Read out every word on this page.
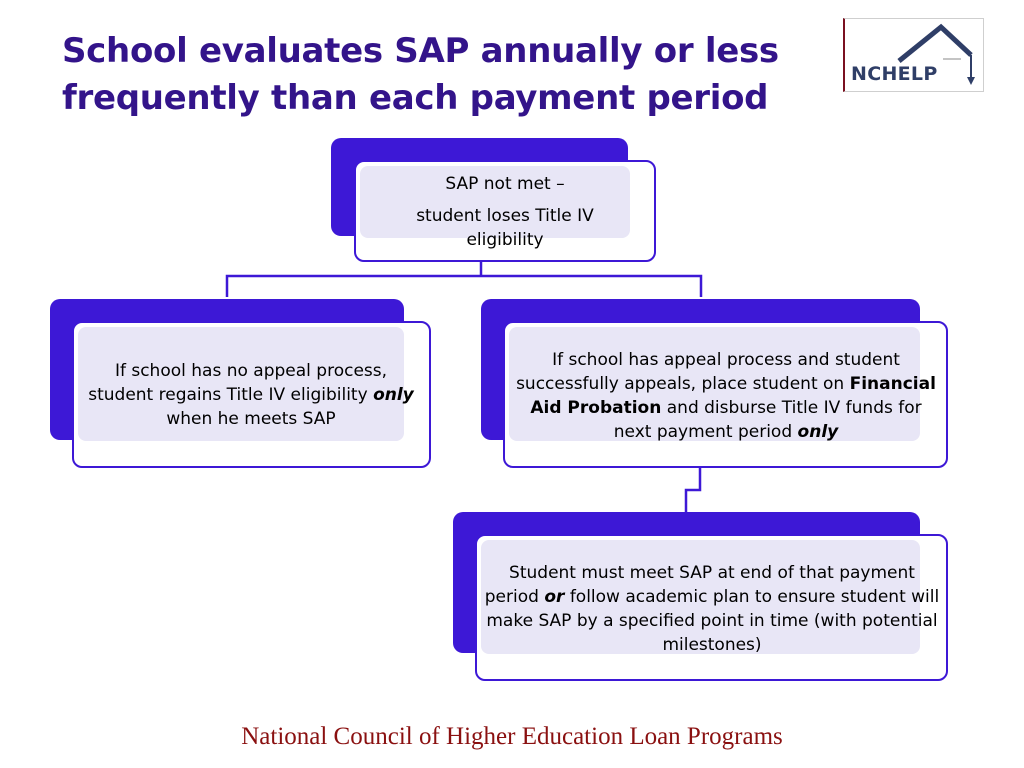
School evaluates SAP annually or less frequently than each payment period
NCHELP

SAP not met –

student loses Title IV eligibility

If school has no appeal process, student regains Title IV eligibility only when he meets SAP
If school has appeal process and student successfully appeals, place student on Financial Aid Probation and disburse Title IV funds for next payment period only
Student must meet SAP at end of that payment period or follow academic plan to ensure student will make SAP by a specified point in time (with potential milestones)
National Council of Higher Education Loan Programs
